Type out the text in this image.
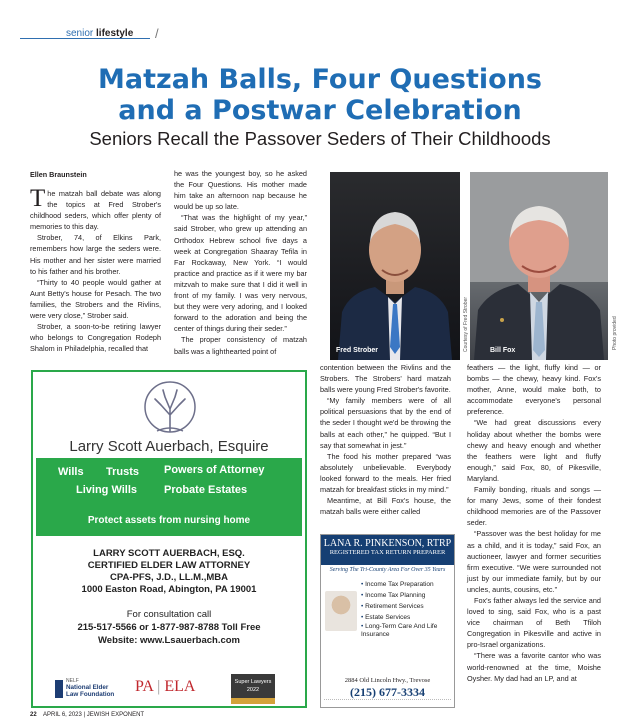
senior lifestyle /
Matzah Balls, Four Questions
and a Postwar Celebration
Seniors Recall the Passover Seders of Their Childhoods
Ellen Braunstein

The matzah ball debate was along the topics at Fred Strober's childhood seders, which offer plenty of memories to this day.

Strober, 74, of Elkins Park, remembers how large the seders were. His mother and her sister were married to his father and his brother.

“Thirty to 40 people would gather at Aunt Betty's house for Pesach. The two families, the Strobers and the Rivlins, were very close,” Strober said.

Strober, a soon-to-be retiring lawyer who belongs to Congregation Rodeph Shalom in Philadelphia, recalled that

he was the youngest boy, so he asked the Four Questions. His mother made him take an afternoon nap because he would be up so late.

“That was the highlight of my year,” said Strober, who grew up attending an Orthodox Hebrew school five days a week at Congregation Shaaray Tefila in Far Rockaway, New York. “I would practice and practice as if it were my bar mitzvah to make sure that I did it well in front of my family. I was very nervous, but they were very adoring, and I looked forward to the adoration and being the center of things during their seder.”

The proper consistency of matzah balls was a lighthearted point of	Fred Strober	Courtesy of Fred Strober	Bill Fox
Photo provided

contention between the Rivlins and the Strobers. The Strobers' hard matzah balls were young Fred Strober's favorite.

“My family members were of all political persuasions that by the end of the seder I thought we'd be throwing the balls at each other,” he quipped. “But I say that somewhat in jest.”

The food his mother prepared “was absolutely unbelievable. Everybody looked forward to the meals. Her fried matzah for breakfast sticks in my mind.”

Meantime, at Bill Fox's house, the matzah balls were either called

feathers — the light, fluffy kind — or bombs — the chewy, heavy kind. Fox's mother, Anne, would make both, to accommodate everyone's personal preference.

“We had great discussions every holiday about whether the bombs were chewy and heavy enough and whether the feathers were light and fluffy enough,” said Fox, 80, of Pikesville, Maryland.

Family bonding, rituals and songs — for many Jews, some of their fondest childhood memories are of the Passover seder.

“Passover was the best holiday for me as a child, and it is today,” said Fox, an auctioneer, lawyer and former securities firm executive. “We were surrounded not just by our immediate family, but by our uncles, aunts, cousins, etc.”

Fox's father always led the service and loved to sing, said Fox, who is a past vice chairman of Beth Tfiloh Congregation in Pikesville and active in pro-Israel organizations.

“There was a favorite cantor who was world-renowned at the time, Moishe Oysher. My dad had an LP, and at

Larry Scott Auerbach, Esquire
Wills Trusts
Living Wills
Powers of Attorney
Probate Estates
Protect assets from nursing home
LARRY SCOTT AUERBACH, ESQ.
CERTIFIED ELDER LAW ATTORNEY
CPA-PFS, J.D., LL.M.,MBA
1000 Easton Road, Abington, PA 19001
For consultation call
215-517-5566 or 1-877-987-8788 Toll Free
Website: www.Lsauerbach.com
NELF
National Elder Law Foundation PA | ELA	Super Lawyers
2022
LANA R. PINKENSON, RTRP
REGISTERED TAX RETURN PREPARER
Serving The Tri-County Area For Over 35 Years
• Income Tax Preparation
• Income Tax Planning
• Retirement Services
• Estate Services
• Long-Term Care And Life Insurance
2884 Old Lincoln Hwy., Trevose
(215) 677-3334
22 APRIL 6, 2023 | JEWISH EXPONENT
